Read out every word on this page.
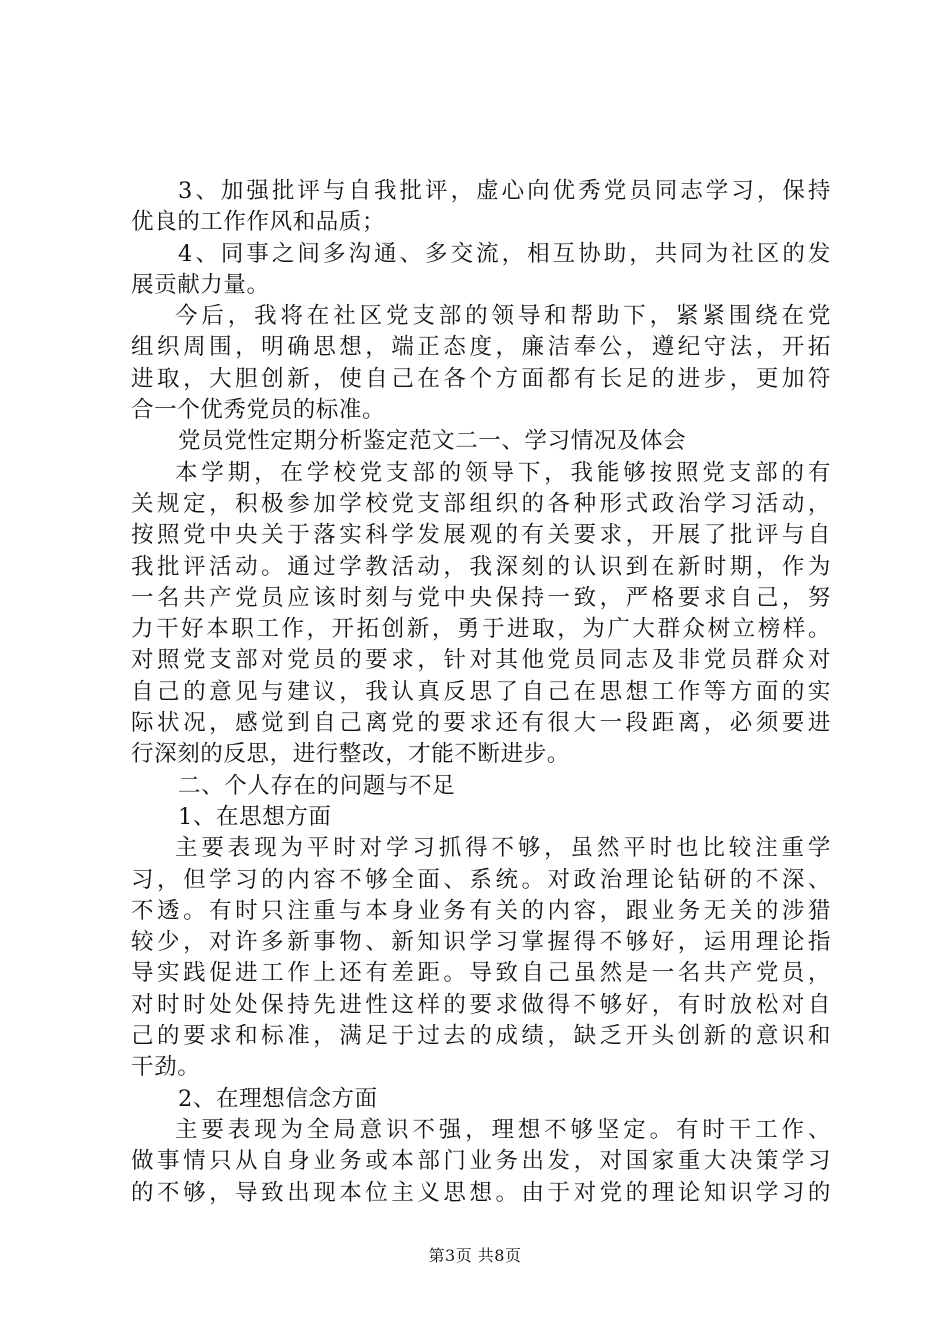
3、加强批评与自我批评，虚心向优秀党员同志学习，保持
优良的工作作风和品质；
4、同事之间多沟通、多交流，相互协助，共同为社区的发
展贡献力量。
今后，我将在社区党支部的领导和帮助下，紧紧围绕在党
组织周围，明确思想，端正态度，廉洁奉公，遵纪守法，开拓
进取，大胆创新，使自己在各个方面都有长足的进步，更加符
合一个优秀党员的标准。
党员党性定期分析鉴定范文二一、学习情况及体会
本学期，在学校党支部的领导下，我能够按照党支部的有
关规定，积极参加学校党支部组织的各种形式政治学习活动，
按照党中央关于落实科学发展观的有关要求，开展了批评与自
我批评活动。通过学教活动，我深刻的认识到在新时期，作为
一名共产党员应该时刻与党中央保持一致，严格要求自己，努
力干好本职工作，开拓创新，勇于进取，为广大群众树立榜样。
对照党支部对党员的要求，针对其他党员同志及非党员群众对
自己的意见与建议，我认真反思了自己在思想工作等方面的实
际状况，感觉到自己离党的要求还有很大一段距离，必须要进
行深刻的反思，进行整改，才能不断进步。
二、个人存在的问题与不足
1、在思想方面
主要表现为平时对学习抓得不够，虽然平时也比较注重学
习，但学习的内容不够全面、系统。对政治理论钻研的不深、
不透。有时只注重与本身业务有关的内容，跟业务无关的涉猎
较少，对许多新事物、新知识学习掌握得不够好，运用理论指
导实践促进工作上还有差距。导致自己虽然是一名共产党员，
对时时处处保持先进性这样的要求做得不够好，有时放松对自
己的要求和标准，满足于过去的成绩，缺乏开头创新的意识和
干劲。
2、在理想信念方面
主要表现为全局意识不强，理想不够坚定。有时干工作、
做事情只从自身业务或本部门业务出发，对国家重大决策学习
的不够，导致出现本位主义思想。由于对党的理论知识学习的
第3页 共8页
